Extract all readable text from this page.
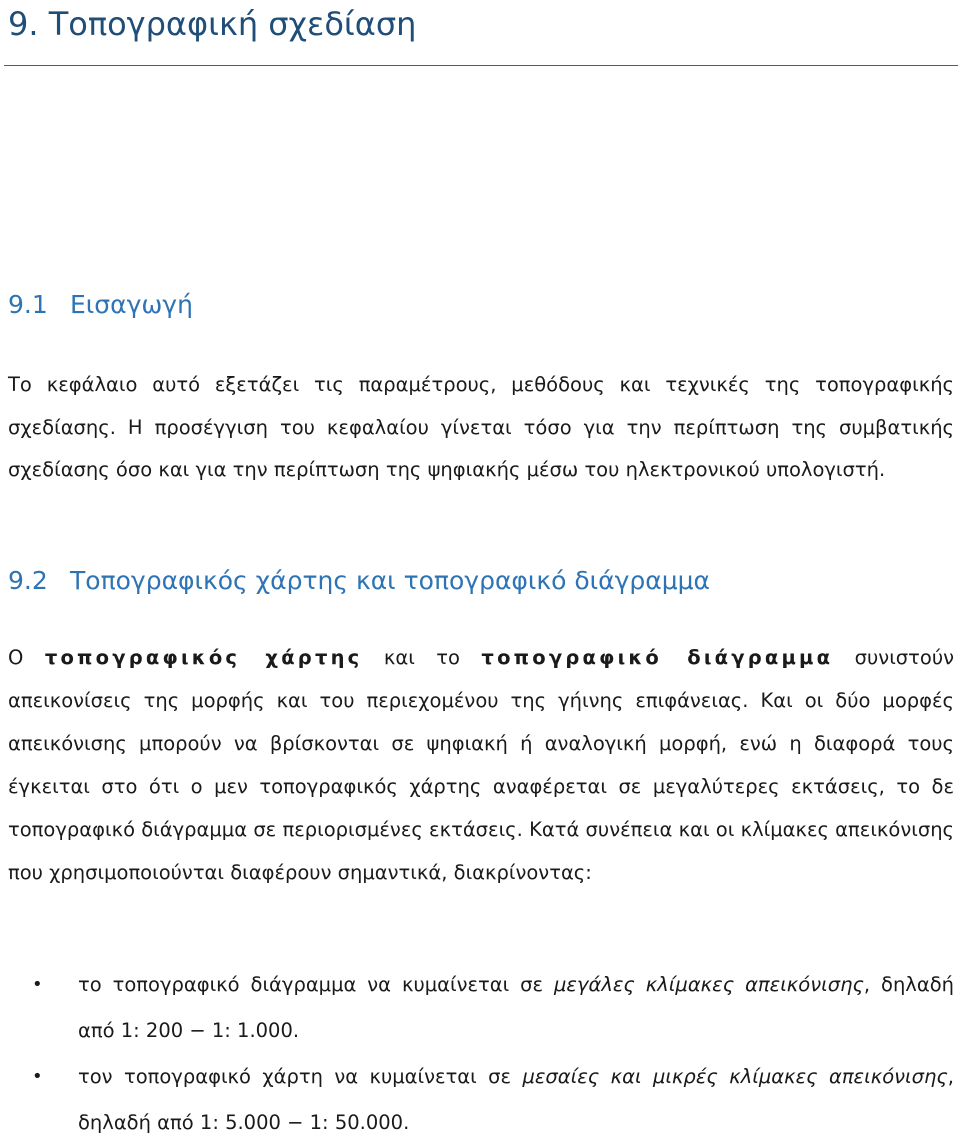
9. Τοπογραφική σχεδίαση
9.1 Εισαγωγή

Το κεφάλαιο αυτό εξετάζει τις παραμέτρους, μεθόδους και τεχνικές της τοπογραφικής σχεδίασης. Η προσέγγιση του κεφαλαίου γίνεται τόσο για την περίπτωση της συμβατικής σχεδίασης όσο και για την περίπτωση της ψηφιακής μέσω του ηλεκτρονικού υπολογιστή.

9.2 Τοπογραφικός χάρτης και τοπογραφικό διάγραμμα

Ο τοπογραφικός χάρτης και το τοπογραφικό διάγραμμα συνιστούν απεικονίσεις της μορφής και του περιεχομένου της γήινης επιφάνειας. Και οι δύο μορφές απεικόνισης μπορούν να βρίσκονται σε ψηφιακή ή αναλογική μορφή, ενώ η διαφορά τους έγκειται στο ότι ο μεν τοπογραφικός χάρτης αναφέρεται σε μεγαλύτερες εκτάσεις, το δε τοπογραφικό διάγραμμα σε περιορισμένες εκτάσεις. Κατά συνέπεια και οι κλίμακες απεικόνισης που χρησιμοποιούνται διαφέρουν σημαντικά, διακρίνοντας:

• το τοπογραφικό διάγραμμα να κυμαίνεται σε μεγάλες κλίμακες απεικόνισης, δηλαδή από 1: 200 − 1: 1.000.
• τον τοπογραφικό χάρτη να κυμαίνεται σε μεσαίες και μικρές κλίμακες απεικόνισης, δηλαδή από 1: 5.000 − 1: 50.000.
